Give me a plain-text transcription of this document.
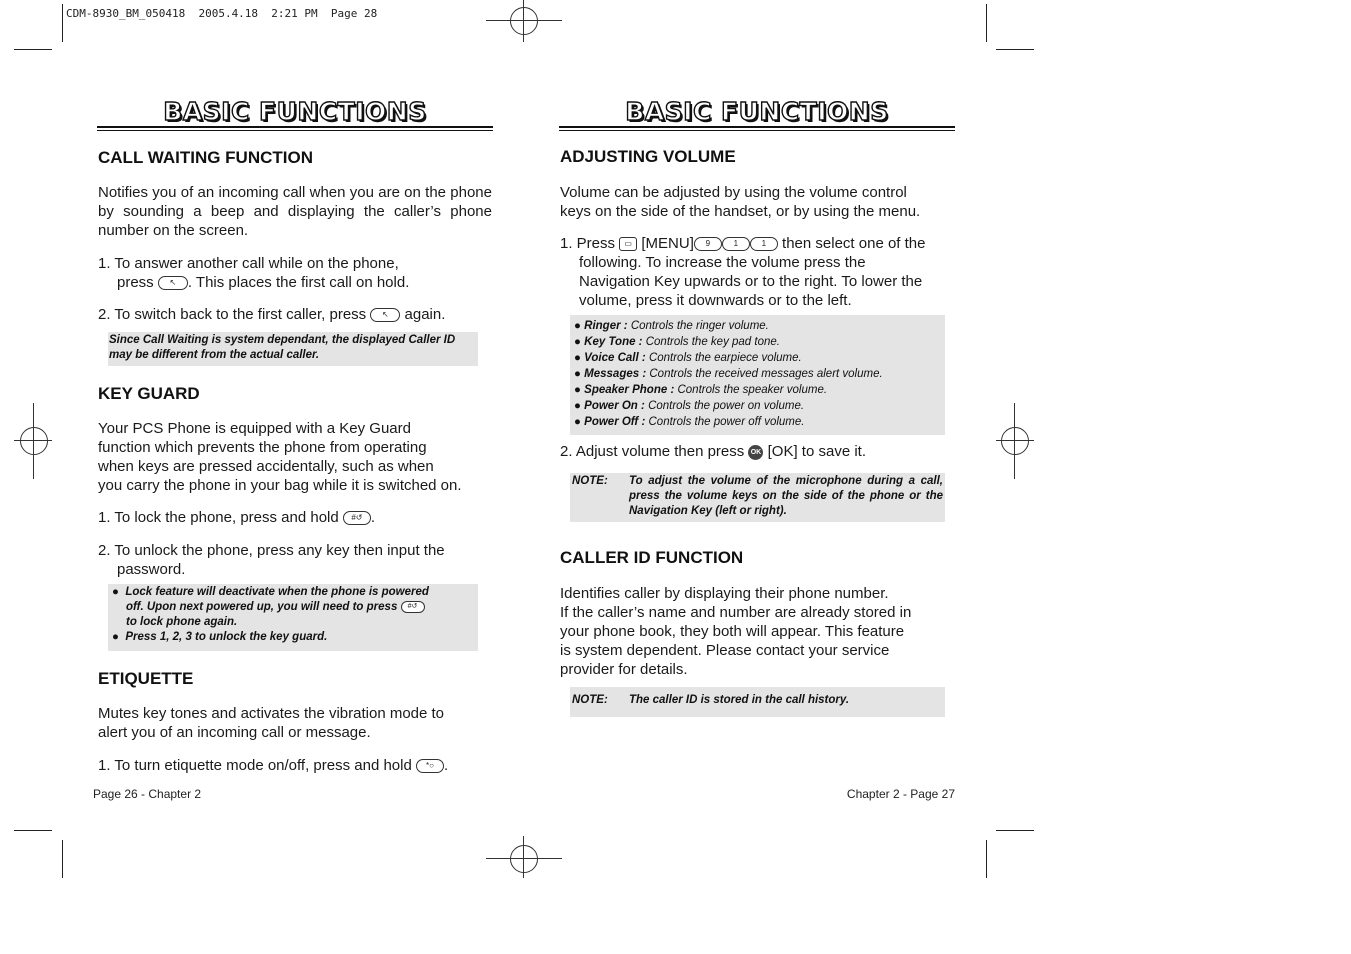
CDM-8930_BM_050418  2005.4.18  2:21 PM  Page 28
BASIC FUNCTIONS
CALL WAITING FUNCTION

Notifies you of an incoming call when you are on the phone by sounding a beep and displaying the caller’s phone number on the screen.

1. To answer another call while on the phone,
press ↖ . This places the first call on hold.
2. To switch back to the first caller, press ↖ again.
Since Call Waiting is system dependant, the displayed Caller ID may be different from the actual caller.
KEY GUARD
Your PCS Phone is equipped with a Key Guard
function which prevents the phone from operating
when keys are pressed accidentally, such as when
you carry the phone in your bag while it is switched on.
1. To lock the phone, press and hold #↺ .
2. To unlock the phone, press any key then input the
password.
● Lock feature will deactivate when the phone is powered
off. Upon next powered up, you will need to press #↺
to lock phone again.
● Press 1, 2, 3 to unlock the key guard.
ETIQUETTE
Mutes key tones and activates the vibration mode to
alert you of an incoming call or message.
1. To turn etiquette mode on/off, press and hold *○ .
Page 26 - Chapter 2
BASIC FUNCTIONS
ADJUSTING VOLUME
Volume can be adjusted by using the volume control
keys on the side of the handset, or by using the menu.
1. Press ▭ [MENU] 9	1	1 then select one of the
following. To increase the volume press the
Navigation Key upwards or to the right. To lower the
volume, press it downwards or to the left.
● Ringer : Controls the ringer volume.
● Key Tone : Controls the key pad tone.
● Voice Call : Controls the earpiece volume.
● Messages : Controls the received messages alert volume.
● Speaker Phone : Controls the speaker volume.
● Power On : Controls the power on volume.
● Power Off : Controls the power off volume.
2. Adjust volume then press OK [OK] to save it.
NOTE: To adjust the volume of the microphone during a call, press the volume keys on the side of the phone or the Navigation Key (left or right).
CALLER ID FUNCTION
Identifies caller by displaying their phone number.
If the caller’s name and number are already stored in
your phone book, they both will appear. This feature
is system dependent. Please contact your service
provider for details.
NOTE: The caller ID is stored in the call history.
Chapter 2 - Page 27
